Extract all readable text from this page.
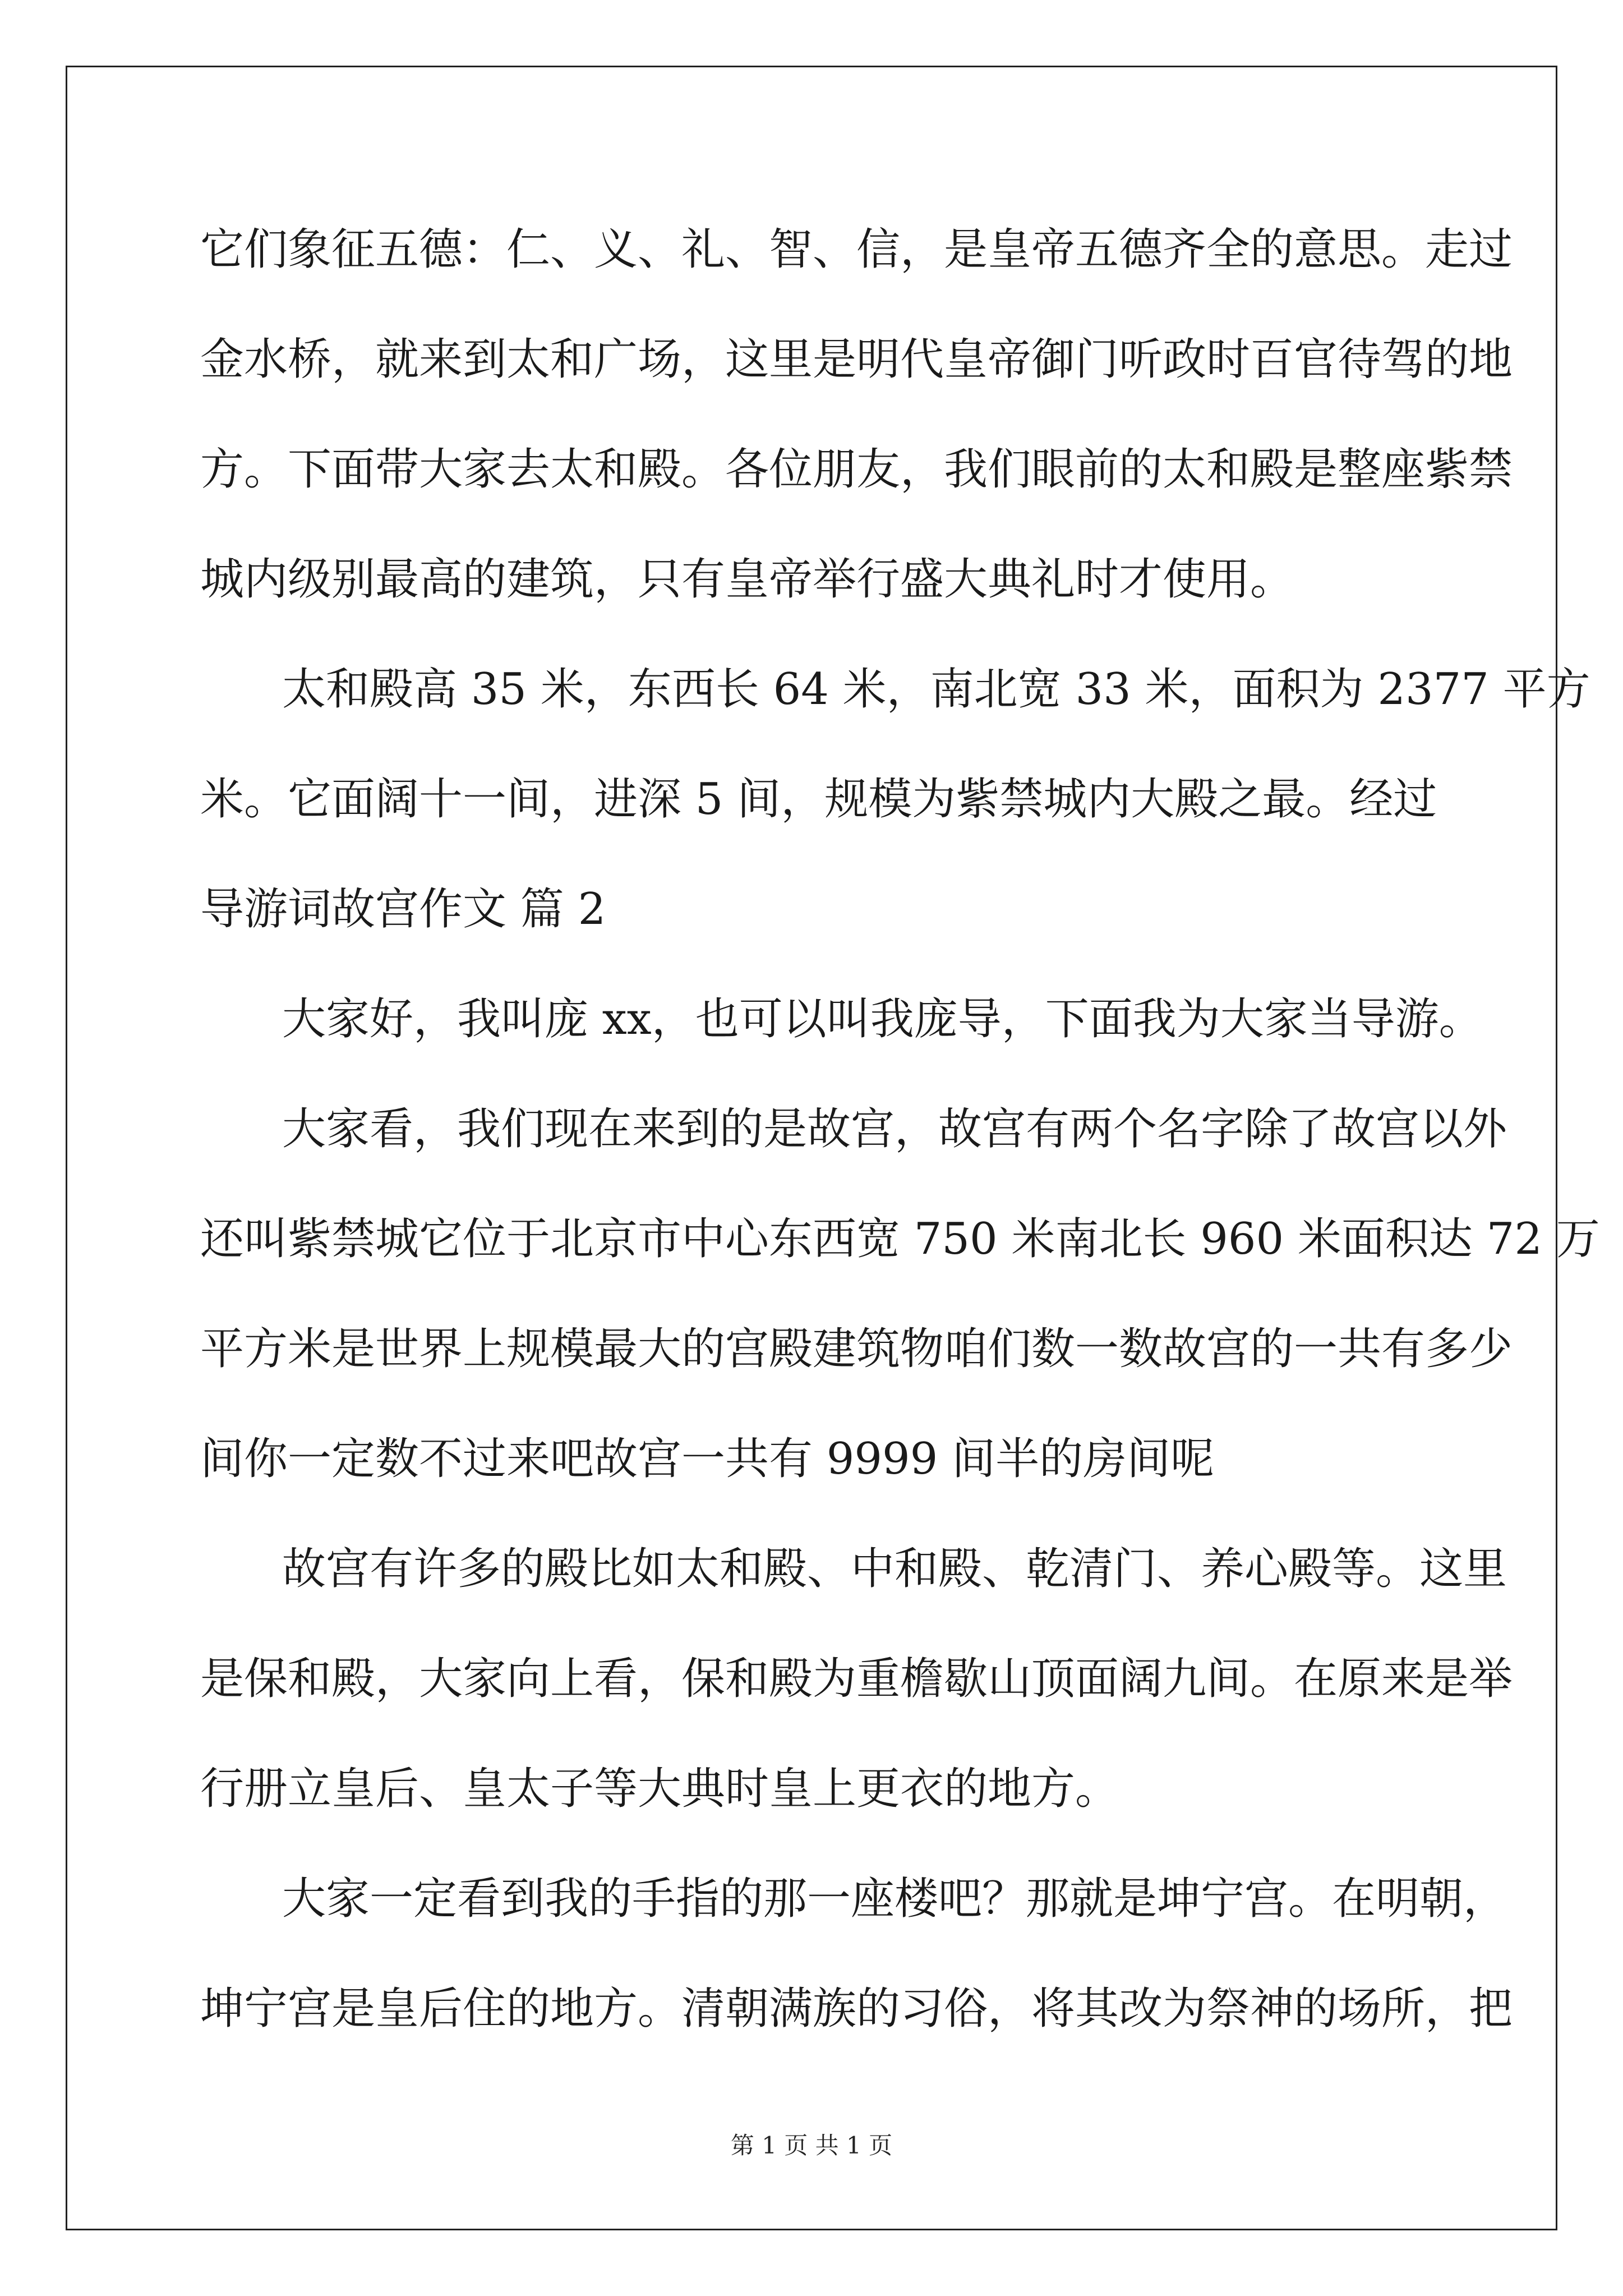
它们象征五德：仁、义、礼、智、信，是皇帝五德齐全的意思。走过
金水桥，就来到太和广场，这里是明代皇帝御门听政时百官待驾的地
方。下面带大家去太和殿。各位朋友，我们眼前的太和殿是整座紫禁
城内级别最高的建筑，只有皇帝举行盛大典礼时才使用。
太和殿高 35 米，东西长 64 米，南北宽 33 米，面积为 2377 平方
米。它面阔十一间，进深 5 间，规模为紫禁城内大殿之最。经过
导游词故宫作文 篇 2
大家好，我叫庞 xx，也可以叫我庞导，下面我为大家当导游。
大家看，我们现在来到的是故宫，故宫有两个名字除了故宫以外
还叫紫禁城它位于北京市中心东西宽 750 米南北长 960 米面积达 72 万
平方米是世界上规模最大的宫殿建筑物咱们数一数故宫的一共有多少
间你一定数不过来吧故宫一共有 9999 间半的房间呢
故宫有许多的殿比如太和殿、中和殿、乾清门、养心殿等。这里
是保和殿，大家向上看，保和殿为重檐歇山顶面阔九间。在原来是举
行册立皇后、皇太子等大典时皇上更衣的地方。
大家一定看到我的手指的那一座楼吧？那就是坤宁宫。在明朝，
坤宁宫是皇后住的地方。清朝满族的习俗，将其改为祭神的场所，把
第 1 页 共 1 页
